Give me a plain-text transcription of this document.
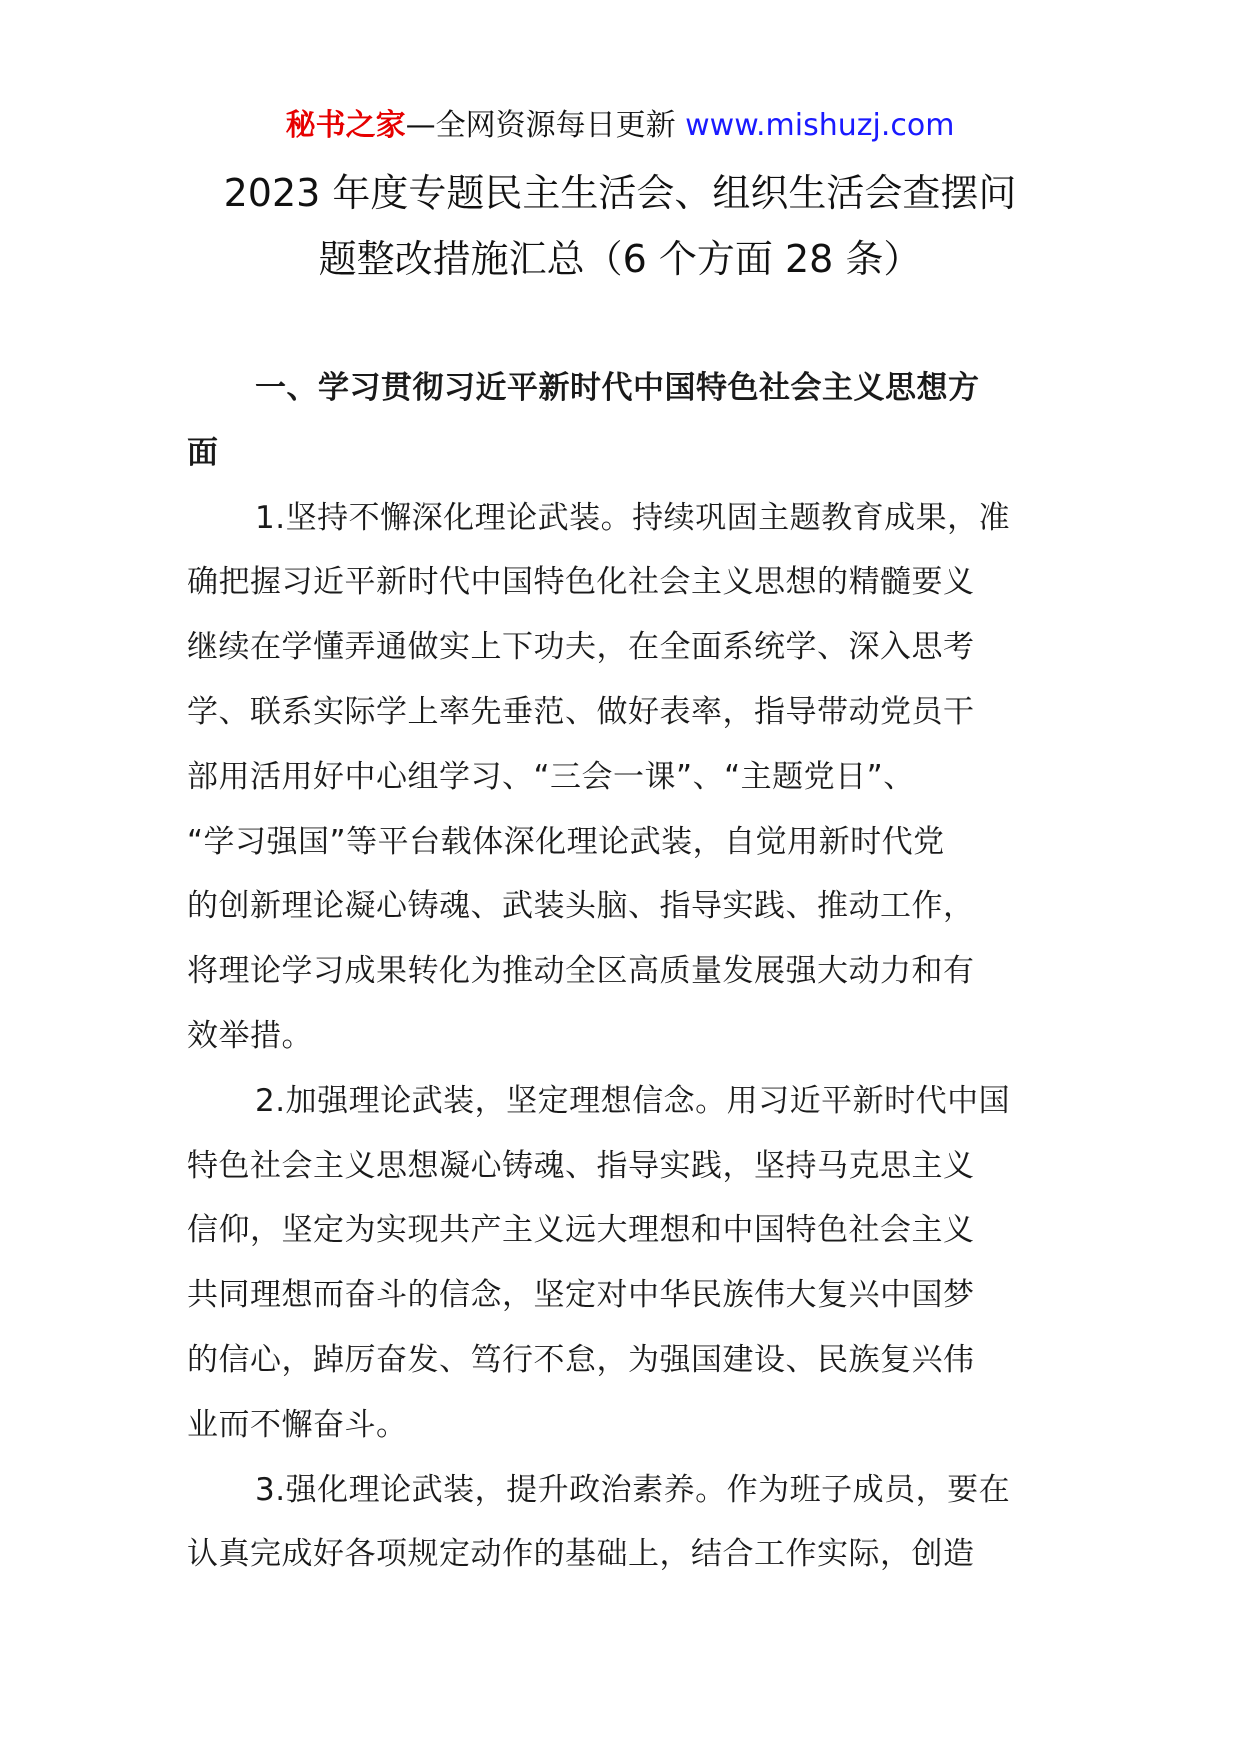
秘书之家—全网资源每日更新 www.mishuzj.com
2023 年度专题民主生活会、组织生活会查摆问
题整改措施汇总（6 个方面 28 条）
一、学习贯彻习近平新时代中国特色社会主义思想方
面
1.坚持不懈深化理论武装。持续巩固主题教育成果，准
确把握习近平新时代中国特色化社会主义思想的精髓要义
继续在学懂弄通做实上下功夫，在全面系统学、深入思考
学、联系实际学上率先垂范、做好表率，指导带动党员干
部用活用好中心组学习、“三会一课”、“主题党日”、
“学习强国”等平台载体深化理论武装，自觉用新时代党
的创新理论凝心铸魂、武装头脑、指导实践、推动工作，
将理论学习成果转化为推动全区高质量发展强大动力和有
效举措。
2.加强理论武装，坚定理想信念。用习近平新时代中国
特色社会主义思想凝心铸魂、指导实践，坚持马克思主义
信仰，坚定为实现共产主义远大理想和中国特色社会主义
共同理想而奋斗的信念，坚定对中华民族伟大复兴中国梦
的信心，踔厉奋发、笃行不怠，为强国建设、民族复兴伟
业而不懈奋斗。
3.强化理论武装，提升政治素养。作为班子成员，要在
认真完成好各项规定动作的基础上，结合工作实际，创造
